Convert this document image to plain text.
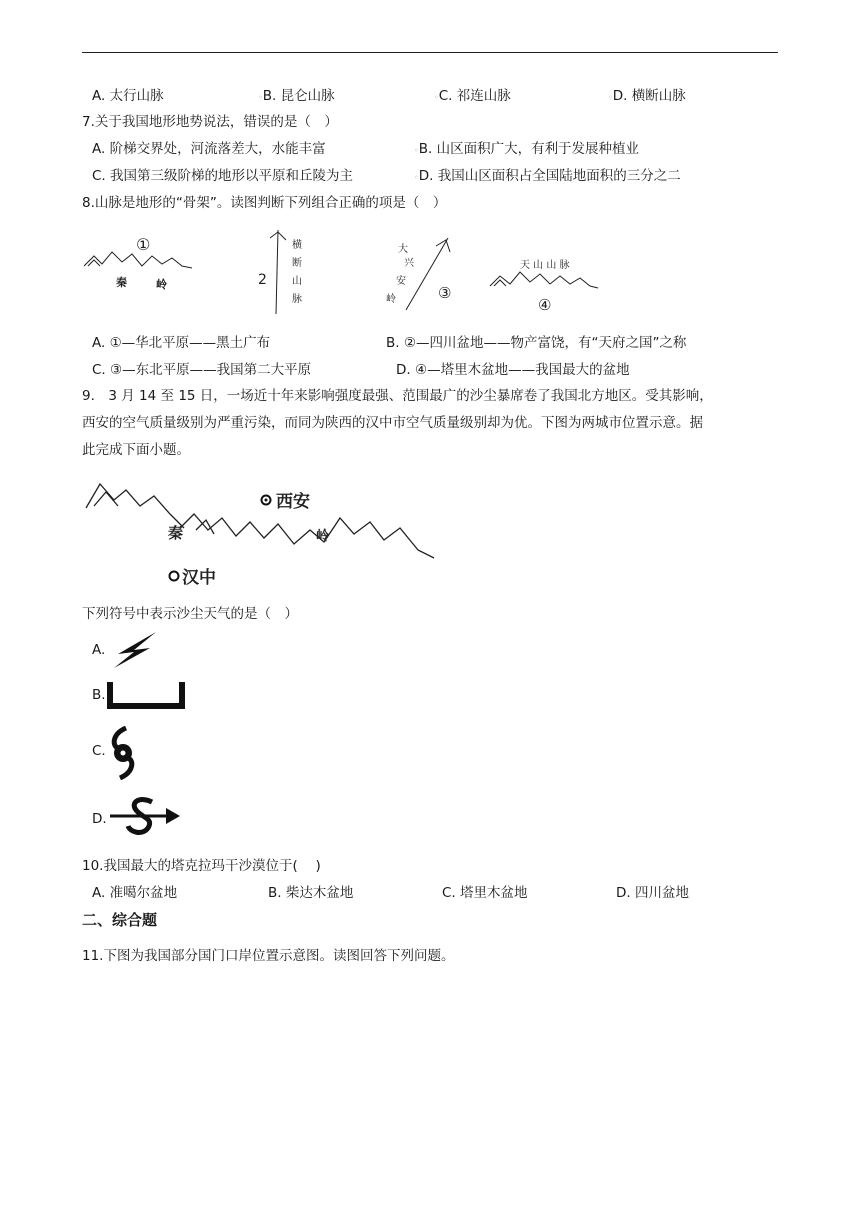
A. 太行山脉	◦B. 昆仑山脉	◦C. 祁连山脉	◦D. 横断山脉
7.关于我国地形地势说法，错误的是（　）
A. 阶梯交界处，河流落差大，水能丰富	◦B. 山区面积广大，有利于发展种植业
C. 我国第三级阶梯的地形以平原和丘陵为主	◦D. 我国山区面积占全国陆地面积的三分之二
8.山脉是地形的“骨架”。读图判断下列组合正确的项是（　）
①
秦	岭	2
横
断
山
脉
大
兴
安
岭	③
天 山 山 脉
④
A. ①—华北平原——黑土广布	B. ②—四川盆地——物产富饶，有“天府之国”之称
C. ③—东北平原——我国第二大平原	D. ④—塔里木盆地——我国最大的盆地
9.　3 月 14 至 15 日，一场近十年来影响强度最强、范围最广的沙尘暴席卷了我国北方地区。受其影响，
西安的空气质量级别为严重污染，而同为陕西的汉中市空气质量级别却为优。下图为两城市位置示意。据
此完成下面小题。
西安
秦	岭
汉中
下列符号中表示沙尘天气的是（　）
A.
B.
C.
D.
10.我国最大的塔克拉玛干沙漠位于(　 )
A. 准噶尔盆地	B. 柴达木盆地	C. 塔里木盆地	D. 四川盆地
二、综合题
11.下图为我国部分国门口岸位置示意图。读图回答下列问题。
